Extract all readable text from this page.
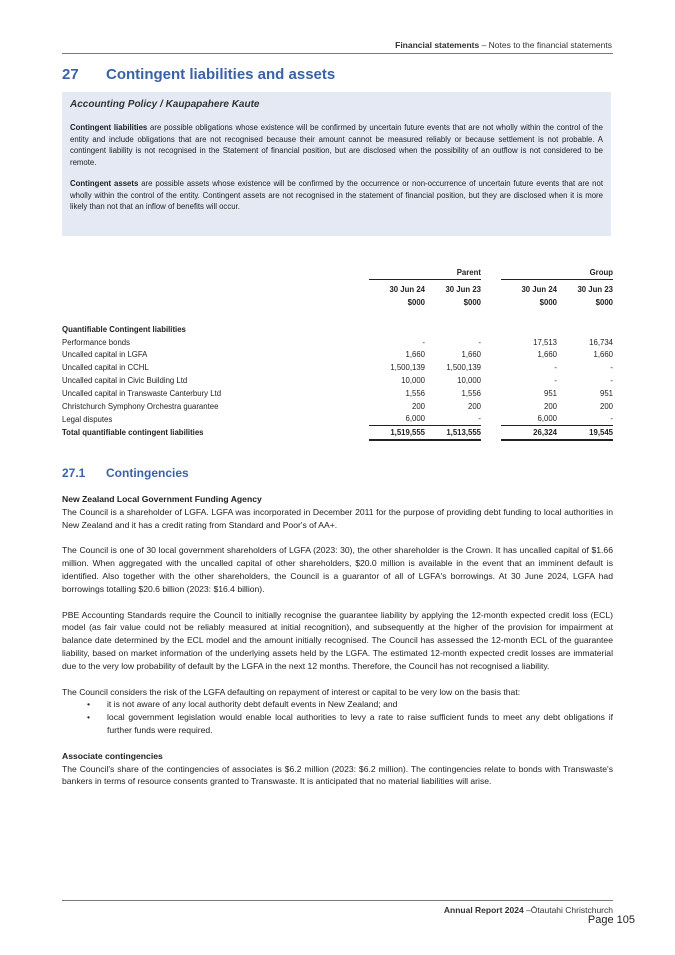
Financial statements – Notes to the financial statements
27 Contingent liabilities and assets
Accounting Policy / Kaupapahere Kaute

Contingent liabilities are possible obligations whose existence will be confirmed by uncertain future events that are not wholly within the control of the entity and include obligations that are not recognised because their amount cannot be measured reliably or because settlement is not probable. A contingent liability is not recognised in the Statement of financial position, but are disclosed when the possibility of an outflow is not considered to be remote.

Contingent assets are possible assets whose existence will be confirmed by the occurrence or non-occurrence of uncertain future events that are not wholly within the control of the entity. Contingent assets are not recognised in the statement of financial position, but they are disclosed when it is more likely than not that an inflow of benefits will occur.

	Parent			Group	

	30 Jun 24	30 Jun 23		30 Jun 24	30 Jun 23
	$000	$000		$000	$000

Quantifiable Contingent liabilities					
Performance bonds	-	-		17,513	16,734
Uncalled capital in LGFA	1,660	1,660		1,660	1,660
Uncalled capital in CCHL	1,500,139	1,500,139		-	-
Uncalled capital in Civic Building Ltd	10,000	10,000		-	-
Uncalled capital in Transwaste Canterbury Ltd	1,556	1,556		951	951
Christchurch Symphony Orchestra guarantee	200	200		200	200
Legal disputes	6,000	-		6,000	-
Total quantifiable contingent liabilities	1,519,555	1,513,555		26,324	19,545
27.1 Contingencies

New Zealand Local Government Funding Agency

The Council is a shareholder of LGFA. LGFA was incorporated in December 2011 for the purpose of providing debt funding to local authorities in New Zealand and it has a credit rating from Standard and Poor's of AA+.

The Council is one of 30 local government shareholders of LGFA (2023: 30), the other shareholder is the Crown. It has uncalled capital of $1.66 million. When aggregated with the uncalled capital of other shareholders, $20.0 million is available in the event that an imminent default is identified. Also together with the other shareholders, the Council is a guarantor of all of LGFA's borrowings. At 30 June 2024, LGFA had borrowings totalling $20.6 billion (2023: $16.4 billion).

PBE Accounting Standards require the Council to initially recognise the guarantee liability by applying the 12-month expected credit loss (ECL) model (as fair value could not be reliably measured at initial recognition), and subsequently at the higher of the provision for impairment at balance date determined by the ECL model and the amount initially recognised. The Council has assessed the 12-month ECL of the guarantee liability, based on market information of the underlying assets held by the LGFA. The estimated 12-month expected credit losses are immaterial due to the very low probability of default by the LGFA in the next 12 months. Therefore, the Council has not recognised a liability.

The Council considers the risk of the LGFA defaulting on repayment of interest or capital to be very low on the basis that:

• it is not aware of any local authority debt default events in New Zealand; and
• local government legislation would enable local authorities to levy a rate to raise sufficient funds to meet any debt obligations if further funds were required.

Associate contingencies

The Council's share of the contingencies of associates is $6.2 million (2023: $6.2 million). The contingencies relate to bonds with Transwaste's bankers in terms of resource consents granted to Transwaste. It is anticipated that no material liabilities will arise.

Annual Report 2024 –Ōtautahi Christchurch
Page 105
